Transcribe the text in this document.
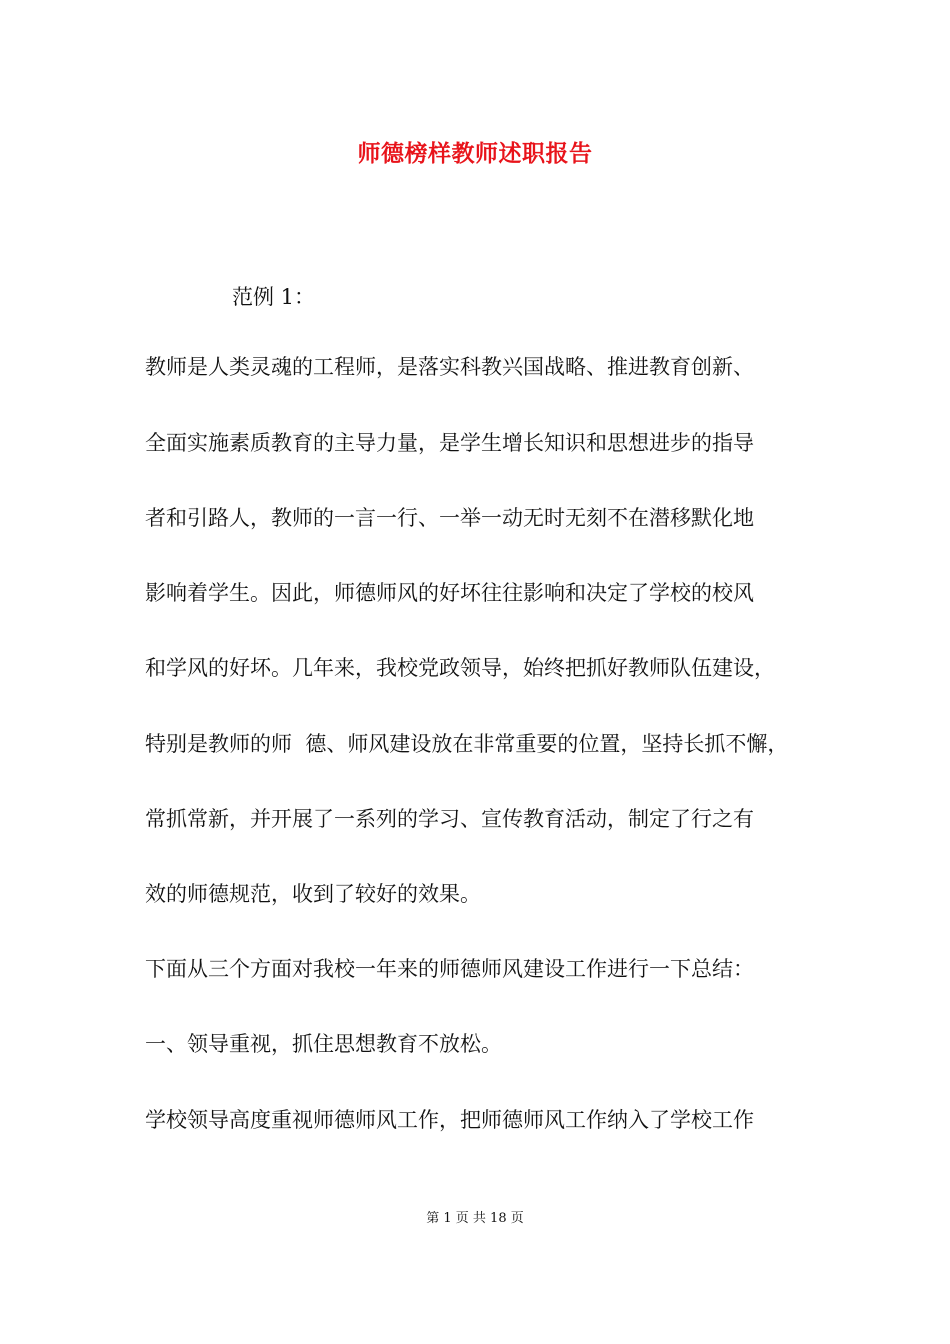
师德榜样教师述职报告
范例 1：
教师是人类灵魂的工程师，是落实科教兴国战略、推进教育创新、
全面实施素质教育的主导力量，是学生增长知识和思想进步的指导
者和引路人，教师的一言一行、一举一动无时无刻不在潜移默化地
影响着学生。因此，师德师风的好坏往往影响和决定了学校的校风
和学风的好坏。几年来，我校党政领导，始终把抓好教师队伍建设，
特别是教师的师  德、师风建设放在非常重要的位置，坚持长抓不懈，
常抓常新，并开展了一系列的学习、宣传教育活动，制定了行之有
效的师德规范，收到了较好的效果。
下面从三个方面对我校一年来的师德师风建设工作进行一下总结：
一、领导重视，抓住思想教育不放松。
学校领导高度重视师德师风工作，把师德师风工作纳入了学校工作
第 1 页 共 18 页
